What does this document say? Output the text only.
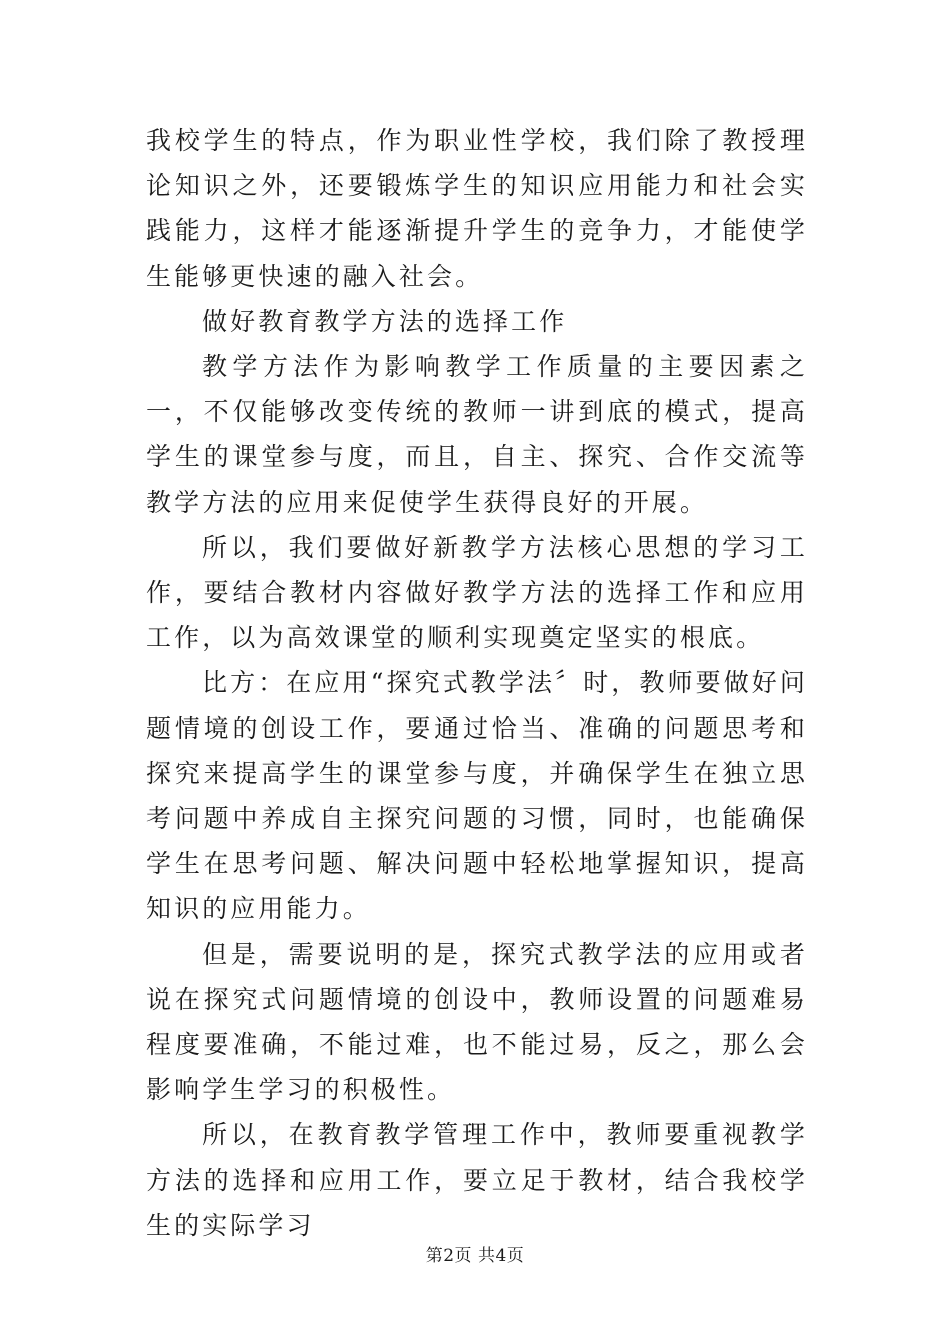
我校学生的特点，作为职业性学校，我们除了教授理论知识之外，还要锻炼学生的知识应用能力和社会实践能力，这样才能逐渐提升学生的竞争力，才能使学生能够更快速的融入社会。

做好教育教学方法的选择工作

教学方法作为影响教学工作质量的主要因素之一，不仅能够改变传统的教师一讲到底的模式，提高学生的课堂参与度，而且，自主、探究、合作交流等教学方法的应用来促使学生获得良好的开展。

所以，我们要做好新教学方法核心思想的学习工作，要结合教材内容做好教学方法的选择工作和应用工作，以为高效课堂的顺利实现奠定坚实的根底。

比方：在应用“探究式教学法〞时，教师要做好问题情境的创设工作，要通过恰当、准确的问题思考和探究来提高学生的课堂参与度，并确保学生在独立思考问题中养成自主探究问题的习惯，同时，也能确保学生在思考问题、解决问题中轻松地掌握知识，提高知识的应用能力。

但是，需要说明的是，探究式教学法的应用或者说在探究式问题情境的创设中，教师设置的问题难易程度要准确，不能过难，也不能过易，反之，那么会影响学生学习的积极性。

所以，在教育教学管理工作中，教师要重视教学方法的选择和应用工作，要立足于教材，结合我校学生的实际学习

第2页 共4页
